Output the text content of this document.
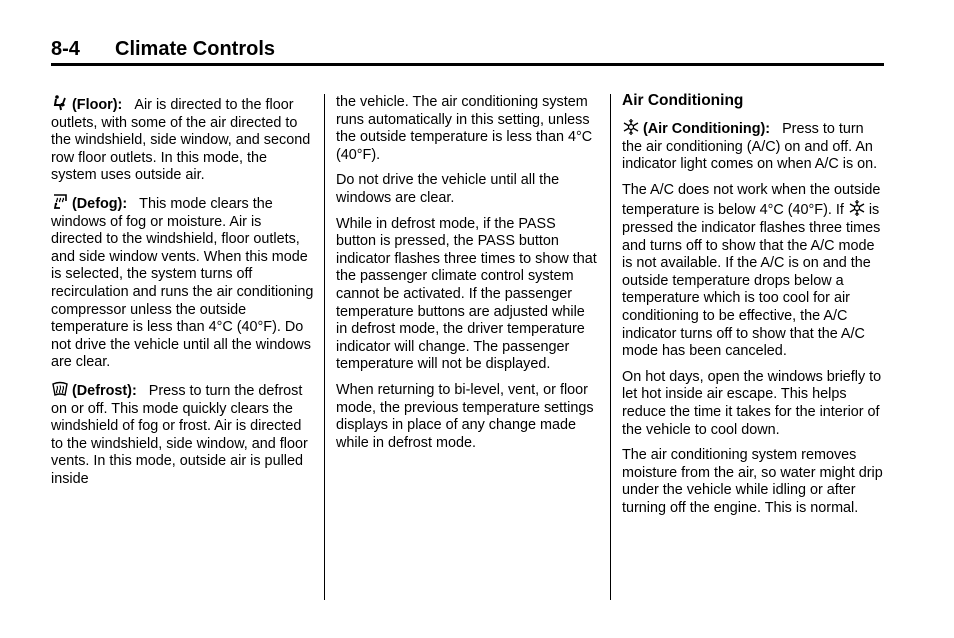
8-4 Climate Controls

(Floor): Air is directed to the floor outlets, with some of the air directed to the windshield, side window, and second row floor outlets. In this mode, the system uses outside air.

(Defog): This mode clears the windows of fog or moisture. Air is directed to the windshield, floor outlets, and side window vents. When this mode is selected, the system turns off recirculation and runs the air conditioning compressor unless the outside temperature is less than 4°C (40°F). Do not drive the vehicle until all the windows are clear.

(Defrost): Press to turn the defrost on or off. This mode quickly clears the windshield of fog or frost. Air is directed to the windshield, side window, and floor vents. In this mode, outside air is pulled inside

the vehicle. The air conditioning system runs automatically in this setting, unless the outside temperature is less than 4°C (40°F).

Do not drive the vehicle until all the windows are clear.

While in defrost mode, if the PASS button is pressed, the PASS button indicator flashes three times to show that the passenger climate control system cannot be activated. If the passenger temperature buttons are adjusted while in defrost mode, the driver temperature indicator will change. The passenger temperature will not be displayed.

When returning to bi-level, vent, or floor mode, the previous temperature settings displays in place of any change made while in defrost mode.

Air Conditioning

(Air Conditioning): Press to turn the air conditioning (A/C) on and off. An indicator light comes on when A/C is on.

The A/C does not work when the outside temperature is below 4°C (40°F). If is pressed the indicator flashes three times and turns off to show that the A/C mode is not available. If the A/C is on and the outside temperature drops below a temperature which is too cool for air conditioning to be effective, the A/C indicator turns off to show that the A/C mode has been canceled.

On hot days, open the windows briefly to let hot inside air escape. This helps reduce the time it takes for the interior of the vehicle to cool down.

The air conditioning system removes moisture from the air, so water might drip under the vehicle while idling or after turning off the engine. This is normal.
